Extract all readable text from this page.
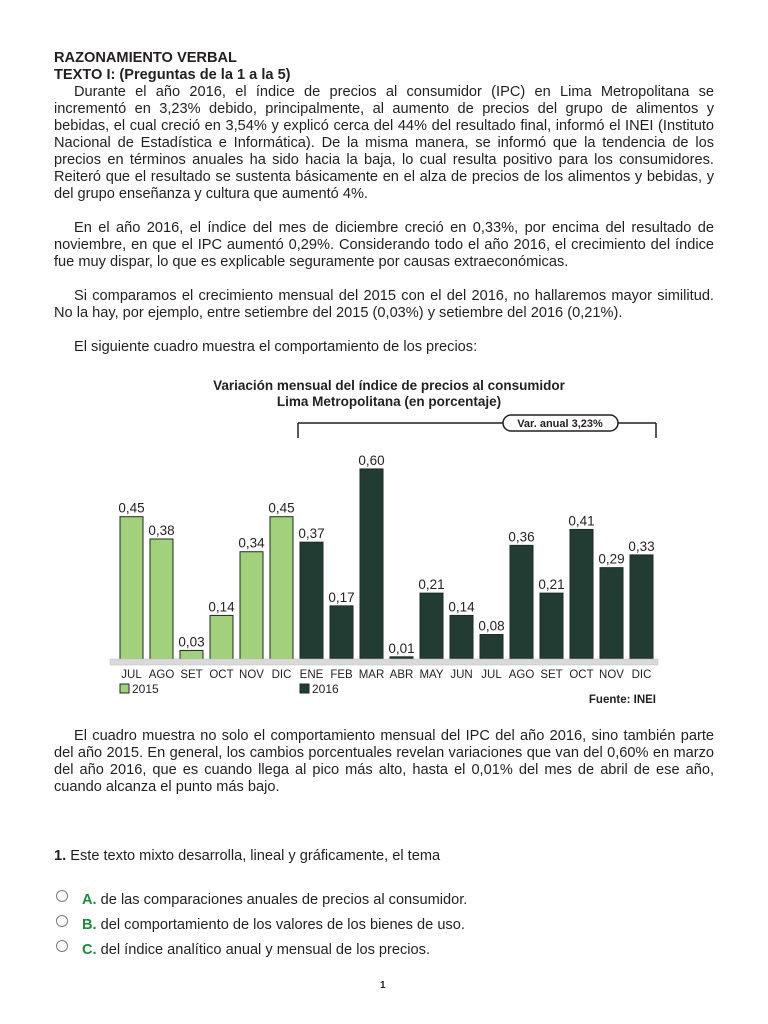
RAZONAMIENTO VERBAL

TEXTO I: (Preguntas de la 1 a la 5)

Durante el año 2016, el índice de precios al consumidor (IPC) en Lima Metropolitana se incrementó en 3,23% debido, principalmente, al aumento de precios del grupo de alimentos y bebidas, el cual creció en 3,54% y explicó cerca del 44% del resultado final, informó el INEI (Instituto Nacional de Estadística e Informática). De la misma manera, se informó que la tendencia de los precios en términos anuales ha sido hacia la baja, lo cual resulta positivo para los consumidores. Reiteró que el resultado se sustenta básicamente en el alza de precios de los alimentos y bebidas, y del grupo enseñanza y cultura que aumentó 4%.

En el año 2016, el índice del mes de diciembre creció en 0,33%, por encima del resultado de noviembre, en que el IPC aumentó 0,29%. Considerando todo el año 2016, el crecimiento del índice fue muy dispar, lo que es explicable seguramente por causas extraeconómicas.

Si comparamos el crecimiento mensual del 2015 con el del 2016, no hallaremos mayor similitud. No la hay, por ejemplo, entre setiembre del 2015 (0,03%) y setiembre del 2016 (0,21%).

El siguiente cuadro muestra el comportamiento de los precios:

Variación mensual del índice de precios al consumidor
Lima Metropolitana (en porcentaje)
Var. anual 3,23%
0,45
JUL
0,38
AGO
0,03
SET
0,14
OCT
0,34
NOV
0,45
DIC
0,37
ENE
0,17
FEB
0,60
MAR
0,01
ABR
0,21
MAY
0,14
JUN
0,08
JUL
0,36
AGO
0,21
SET
0,41
OCT
0,29
NOV
0,33
DIC
2015	2016
Fuente: INEI

El cuadro muestra no solo el comportamiento mensual del IPC del año 2016, sino también parte del año 2015. En general, los cambios porcentuales revelan variaciones que van del 0,60% en marzo del año 2016, que es cuando llega al pico más alto, hasta el 0,01% del mes de abril de ese año, cuando alcanza el punto más bajo.

1. Este texto mixto desarrolla, lineal y gráficamente, el tema
A. de las comparaciones anuales de precios al consumidor.
B. del comportamiento de los valores de los bienes de uso.
C. del índice analítico anual y mensual de los precios.
1
